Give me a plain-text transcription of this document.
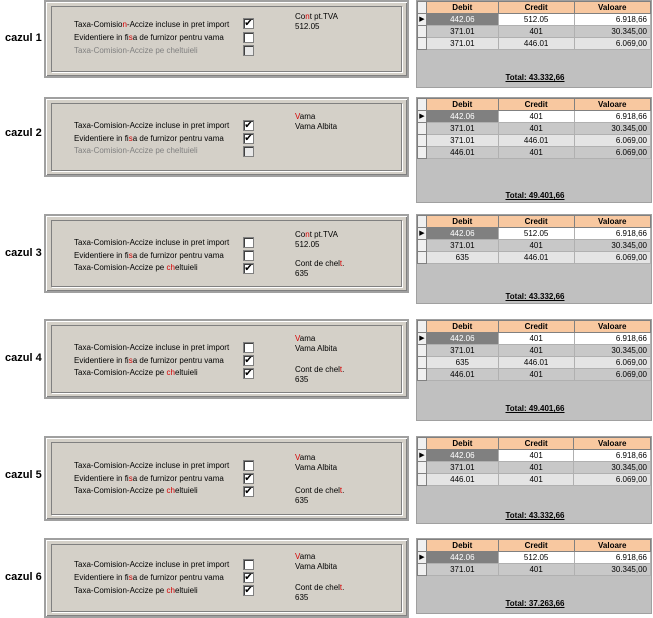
cazul 1
Taxa-Comision-Accize incluse in pret import ✔
Evidentiere in fisa de furnizor pentru vama
Taxa-Comision-Accize pe cheltuieli
Cont pt.TVA
512.05
	Debit	Credit	Valoare
▶	442.06	512.05	6.918,66
	371.01	401	30.345,00
	371.01	446.01	6.069,00
Total: 43.332,66
cazul 2
Taxa-Comision-Accize incluse in pret import ✔
Evidentiere in fisa de furnizor pentru vama ✔
Taxa-Comision-Accize pe cheltuieli
Vama
Vama Albita
	Debit	Credit	Valoare
▶	442.06	401	6.918,66
	371.01	401	30.345,00
	371.01	446.01	6.069,00
	446.01	401	6.069,00
Total: 49.401,66
cazul 3
Taxa-Comision-Accize incluse in pret import
Evidentiere in fisa de furnizor pentru vama
Taxa-Comision-Accize pe cheltuieli	✔
Cont pt.TVA
512.05
Cont de chelt.
635
	Debit	Credit	Valoare
▶	442.06	512.05	6.918,66
	371.01	401	30.345,00
	635	446.01	6.069,00
Total: 43.332,66
cazul 4
Taxa-Comision-Accize incluse in pret import
Evidentiere in fisa de furnizor pentru vama ✔
Taxa-Comision-Accize pe cheltuieli	✔
Vama
Vama Albita
Cont de chelt.
635
	Debit	Credit	Valoare
▶	442.06	401	6.918,66
	371.01	401	30.345,00
	635	446.01	6.069,00
	446.01	401	6.069,00
Total: 49.401,66
cazul 5
Taxa-Comision-Accize incluse in pret import
Evidentiere in fisa de furnizor pentru vama ✔
Taxa-Comision-Accize pe cheltuieli	✔
Vama
Vama Albita
Cont de chelt.
635
	Debit	Credit	Valoare
▶	442.06	401	6.918,66
	371.01	401	30.345,00
	446.01	401	6.069,00
Total: 43.332,66
cazul 6
Taxa-Comision-Accize incluse in pret import
Evidentiere in fisa de furnizor pentru vama ✔
Taxa-Comision-Accize pe cheltuieli	✔
Vama
Vama Albita
Cont de chelt.
635
	Debit	Credit	Valoare
▶	442.06	512.05	6.918,66
	371.01	401	30.345,00
Total: 37.263,66
